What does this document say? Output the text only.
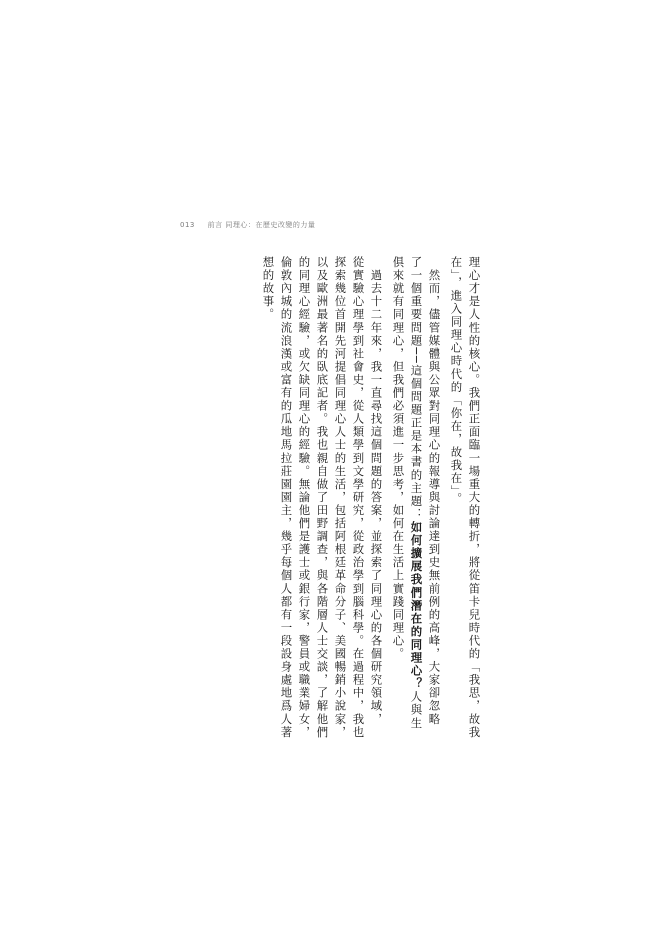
013 前言 同理心：在歷史改變的力量
理心才是人性的核心。我們正面臨一場重大的轉折，將從笛卡兒時代的「我思，故我
在」，進入同理心時代的「你在，故我在」。
　然而，儘管媒體與公眾對同理心的報導與討論達到史無前例的高峰，大家卻忽略
了一個重要問題──這個問題正是本書的主題：如何擴展我們潛在的同理心？人與生
俱來就有同理心，但我們必須進一步思考，如何在生活上實踐同理心。
　過去十二年來，我一直尋找這個問題的答案，並探索了同理心的各個研究領域，
從實驗心理學到社會史，從人類學到文學研究，從政治學到腦科學。在過程中，我也
探索幾位首開先河提倡同理心人士的生活，包括阿根廷革命分子、美國暢銷小說家，
以及歐洲最著名的臥底記者。我也親自做了田野調查，與各階層人士交談，了解他們
的同理心經驗，或欠缺同理心的經驗。無論他們是護士或銀行家，警員或職業婦女，
倫敦內城的流浪漢或富有的瓜地馬拉莊園園主，幾乎每個人都有一段設身處地爲人著
想的故事。
